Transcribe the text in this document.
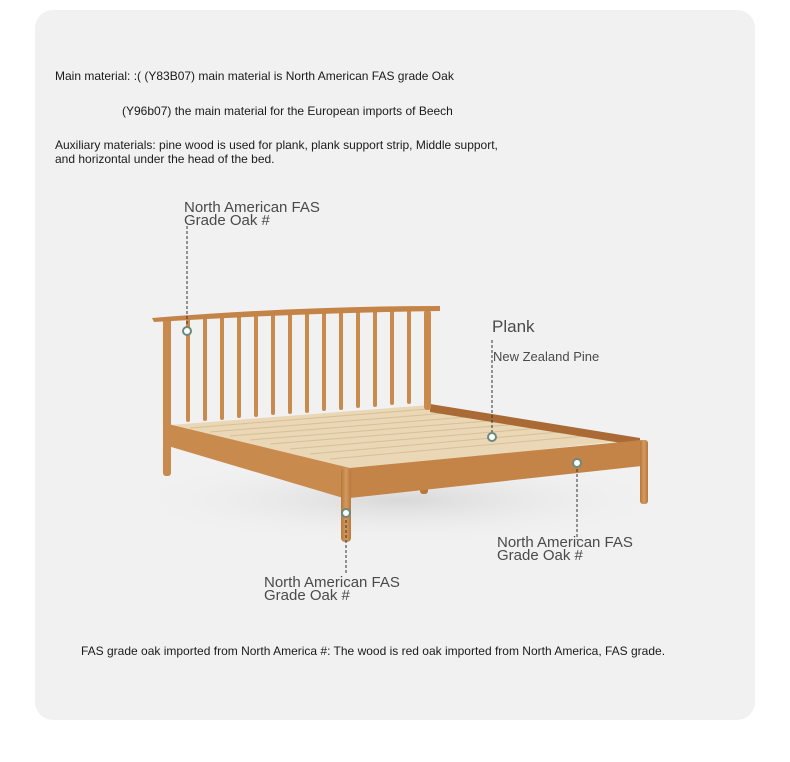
Main material: :( (Y83B07) main material is North American FAS grade Oak
(Y96b07) the main material for the European imports of Beech
Auxiliary materials: pine wood is used for plank, plank support strip, Middle support,
and horizontal under the head of the bed.
North American FAS
Grade Oak #
Plank
New Zealand Pine
North American FAS
Grade Oak #
North American FAS
Grade Oak #
FAS grade oak imported from North America #: The wood is red oak imported from North America, FAS grade.
